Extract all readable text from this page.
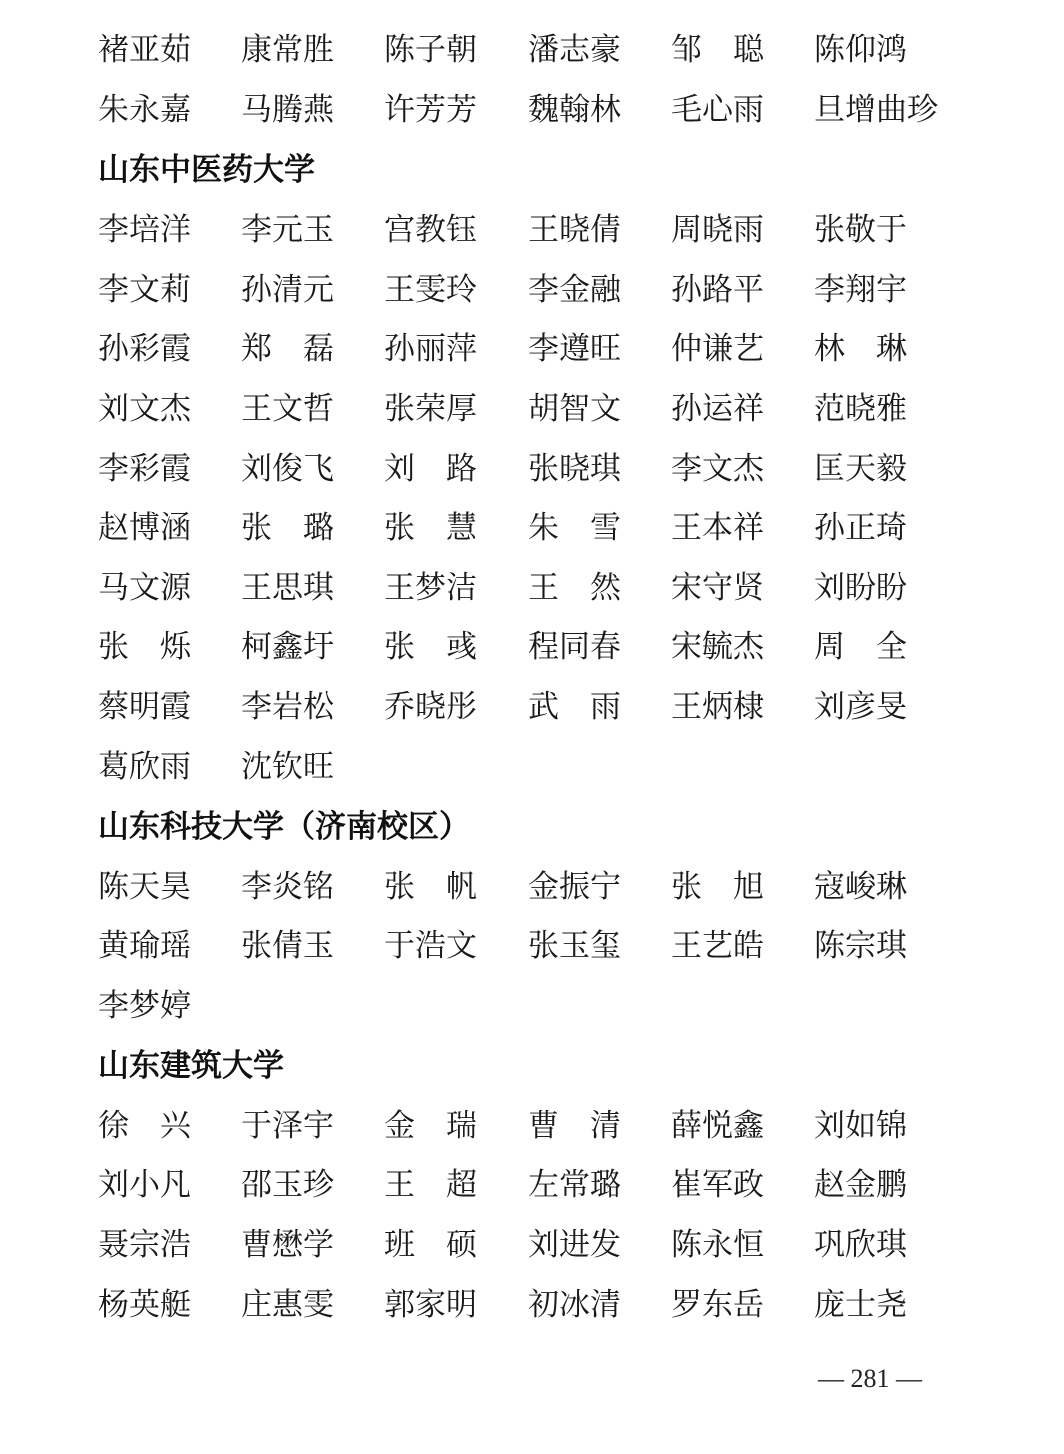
褚亚茹 康常胜 陈子朝 潘志豪 邹　聪 陈仰鸿
朱永嘉 马腾燕 许芳芳 魏翰林 毛心雨 旦增曲珍
山东中医药大学
李培洋 李元玉 宫教钰 王晓倩 周晓雨 张敬于
李文莉 孙清元 王雯玲 李金融 孙路平 李翔宇
孙彩霞 郑　磊 孙丽萍 李遵旺 仲谦艺 林　琳
刘文杰 王文哲 张荣厚 胡智文 孙运祥 范晓雅
李彩霞 刘俊飞 刘　路 张晓琪 李文杰 匡天毅
赵博涵 张　璐 张　慧 朱　雪 王本祥 孙正琦
马文源 王思琪 王梦洁 王　然 宋守贤 刘盼盼
张　烁 柯鑫圩 张　彧 程同春 宋毓杰 周　全
蔡明霞 李岩松 乔晓彤 武　雨 王炳棣 刘彦旻
葛欣雨 沈钦旺
山东科技大学（济南校区）
陈天昊 李炎铭 张　帆 金振宁 张　旭 寇峻琳
黄瑜瑶 张倩玉 于浩文 张玉玺 王艺皓 陈宗琪
李梦婷
山东建筑大学
徐　兴 于泽宇 金　瑞 曹　清 薛悦鑫 刘如锦
刘小凡 邵玉珍 王　超 左常璐 崔军政 赵金鹏
聂宗浩 曹懋学 班　硕 刘进发 陈永恒 巩欣琪
杨英艇 庄惠雯 郭家明 初冰清 罗东岳 庞士尧
— 281 —
